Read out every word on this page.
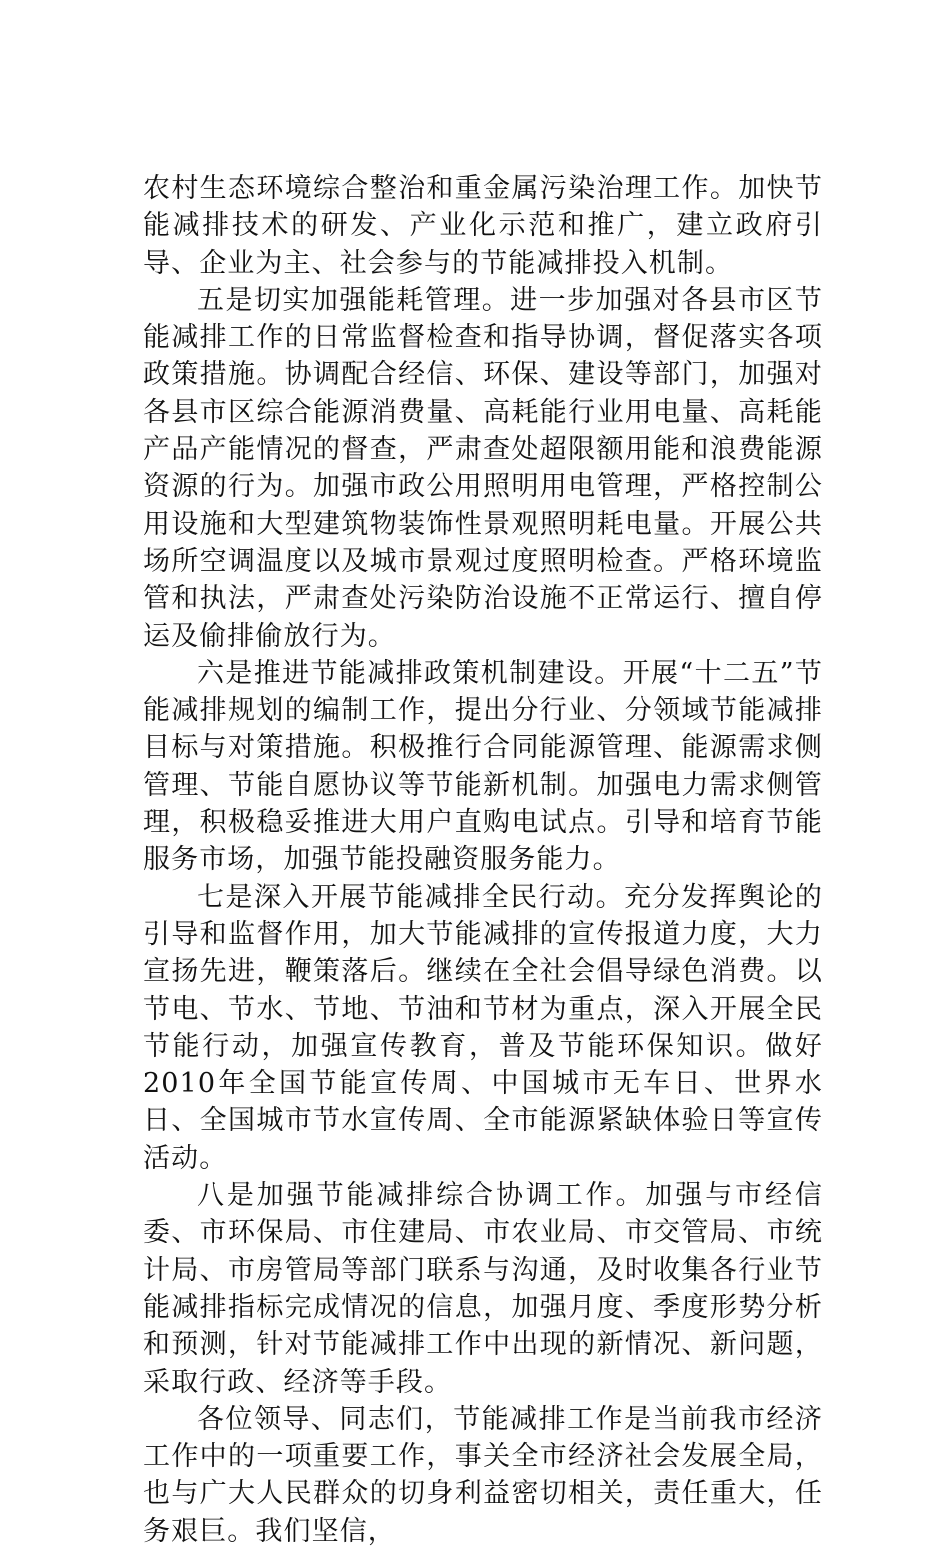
农村生态环境综合整治和重金属污染治理工作。加快节能减排技术的研发、产业化示范和推广，建立政府引导、企业为主、社会参与的节能减排投入机制。

五是切实加强能耗管理。进一步加强对各县市区节能减排工作的日常监督检查和指导协调，督促落实各项政策措施。协调配合经信、环保、建设等部门，加强对各县市区综合能源消费量、高耗能行业用电量、高耗能产品产能情况的督查，严肃查处超限额用能和浪费能源资源的行为。加强市政公用照明用电管理，严格控制公用设施和大型建筑物装饰性景观照明耗电量。开展公共场所空调温度以及城市景观过度照明检查。严格环境监管和执法，严肃查处污染防治设施不正常运行、擅自停运及偷排偷放行为。

六是推进节能减排政策机制建设。开展“十二五”节能减排规划的编制工作，提出分行业、分领域节能减排目标与对策措施。积极推行合同能源管理、能源需求侧管理、节能自愿协议等节能新机制。加强电力需求侧管理，积极稳妥推进大用户直购电试点。引导和培育节能服务市场，加强节能投融资服务能力。

七是深入开展节能减排全民行动。充分发挥舆论的引导和监督作用，加大节能减排的宣传报道力度，大力宣扬先进，鞭策落后。继续在全社会倡导绿色消费。以节电、节水、节地、节油和节材为重点，深入开展全民节能行动，加强宣传教育，普及节能环保知识。做好2010年全国节能宣传周、中国城市无车日、世界水日、全国城市节水宣传周、全市能源紧缺体验日等宣传活动。

八是加强节能减排综合协调工作。加强与市经信委、市环保局、市住建局、市农业局、市交管局、市统计局、市房管局等部门联系与沟通，及时收集各行业节能减排指标完成情况的信息，加强月度、季度形势分析和预测，针对节能减排工作中出现的新情况、新问题，采取行政、经济等手段。

各位领导、同志们，节能减排工作是当前我市经济工作中的一项重要工作，事关全市经济社会发展全局，也与广大人民群众的切身利益密切相关，责任重大，任务艰巨。我们坚信，
